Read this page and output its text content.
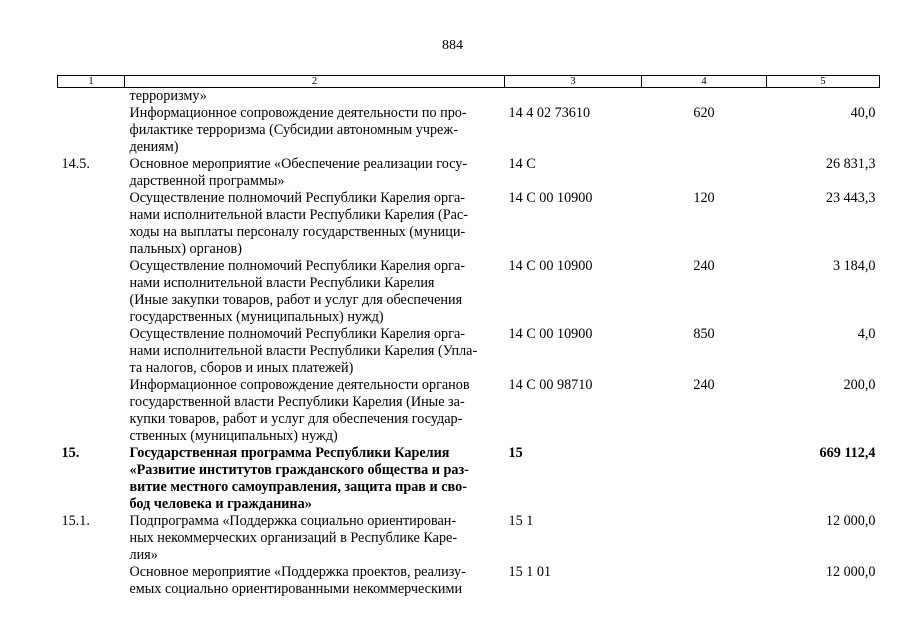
884
1	2	3	4	5

	терроризму»			

	Информационное сопровождение деятельности по про-
филактике терроризма (Субсидии автономным учреж-
дениям)	14 4 02 73610	620	40,0
14.5.	Основное мероприятие «Обеспечение реализации госу-
дарственной программы»	14 С		26 831,3

	Осуществление полномочий Республики Карелия орга-
нами исполнительной власти Республики Карелия (Рас-
ходы на выплаты персоналу государственных (муници-
пальных) органов)	14 С 00 10900	120	23 443,3

	Осуществление полномочий Республики Карелия орга-
нами исполнительной власти Республики Карелия
(Иные закупки товаров, работ и услуг для обеспечения
государственных (муниципальных) нужд)	14 С 00 10900	240	3 184,0

	Осуществление полномочий Республики Карелия орга-
нами исполнительной власти Республики Карелия (Упла-
та налогов, сборов и иных платежей)	14 С 00 10900	850	4,0

	Информационное сопровождение деятельности органов
государственной власти Республики Карелия (Иные за-
купки товаров, работ и услуг для обеспечения государ-
ственных (муниципальных) нужд)	14 С 00 98710	240	200,0
15.	Государственная программа Республики Карелия
«Развитие институтов гражданского общества и раз-
витие местного самоуправления, защита прав и сво-
бод человека и гражданина»	15		669 112,4
15.1.	Подпрограмма «Поддержка социально ориентирован-
ных некоммерческих организаций в Республике Каре-
лия»	15 1		12 000,0

	Основное мероприятие «Поддержка проектов, реализу-
емых социально ориентированными некоммерческими	15 1 01		12 000,0
